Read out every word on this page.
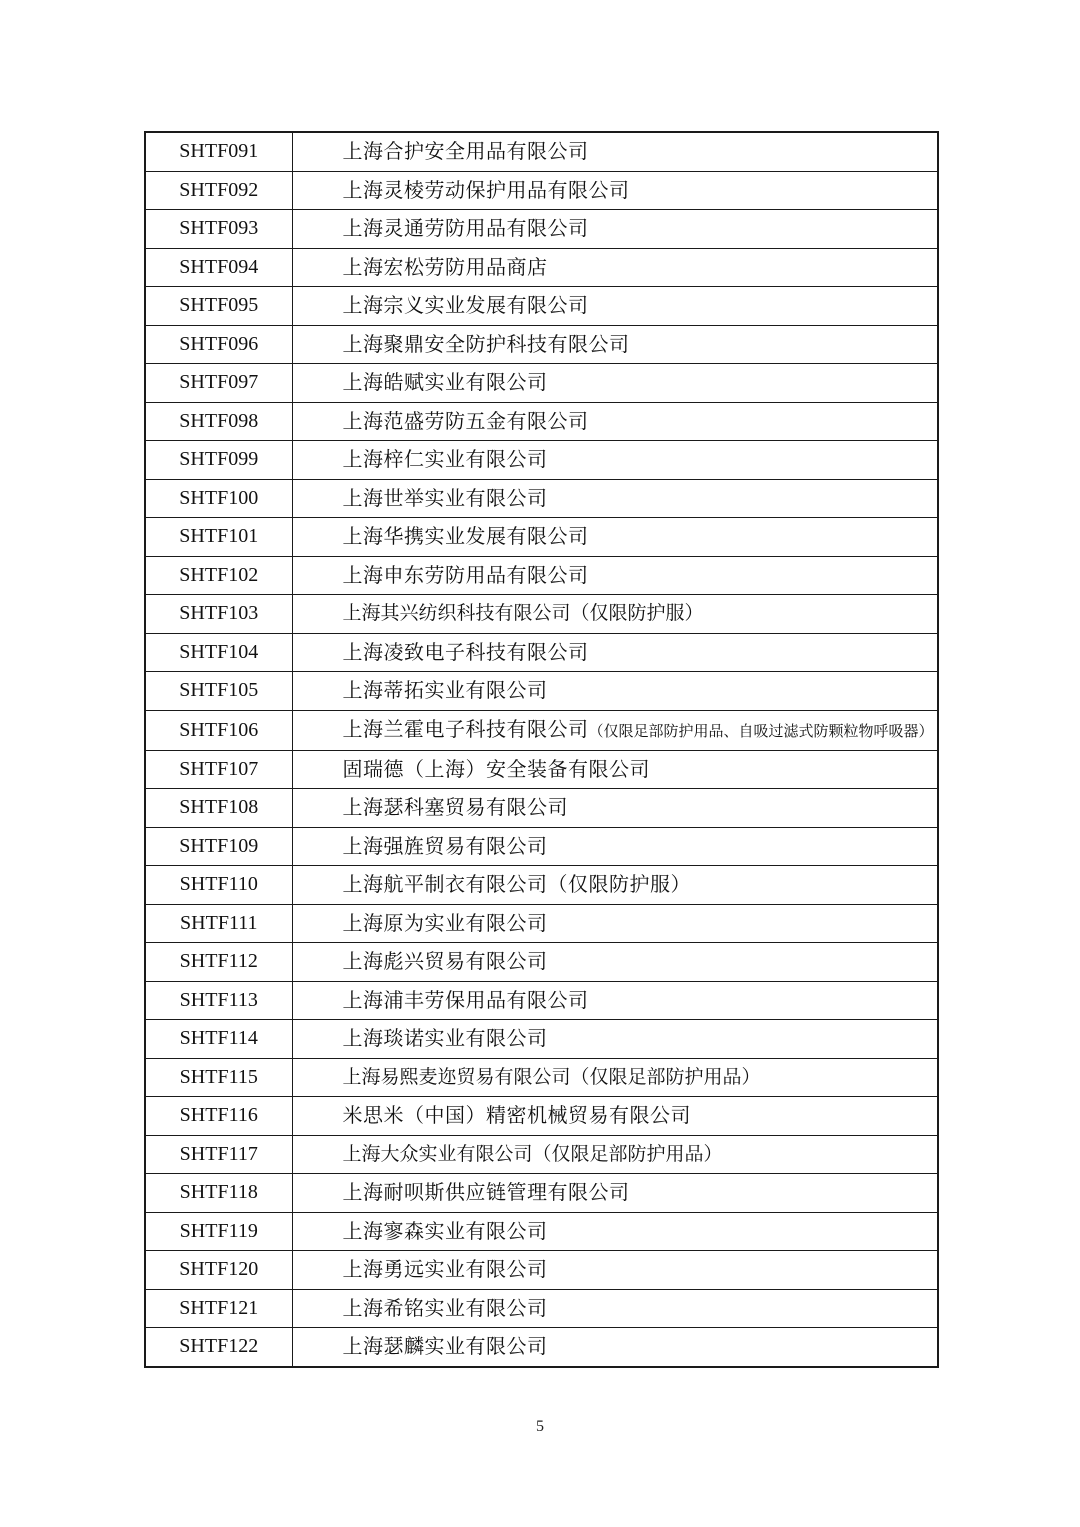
SHTF091	上海合护安全用品有限公司
SHTF092	上海灵棱劳动保护用品有限公司
SHTF093	上海灵通劳防用品有限公司
SHTF094	上海宏松劳防用品商店
SHTF095	上海宗义实业发展有限公司
SHTF096	上海聚鼎安全防护科技有限公司
SHTF097	上海皓赋实业有限公司
SHTF098	上海范盛劳防五金有限公司
SHTF099	上海梓仁实业有限公司
SHTF100	上海世举实业有限公司
SHTF101	上海华携实业发展有限公司
SHTF102	上海申东劳防用品有限公司
SHTF103	上海其兴纺织科技有限公司（仅限防护服）
SHTF104	上海凌致电子科技有限公司
SHTF105	上海蒂拓实业有限公司
SHTF106	上海兰霍电子科技有限公司（仅限足部防护用品、自吸过滤式防颗粒物呼吸器）
SHTF107	固瑞德（上海）安全装备有限公司
SHTF108	上海瑟科塞贸易有限公司
SHTF109	上海强旌贸易有限公司
SHTF110	上海航平制衣有限公司（仅限防护服）
SHTF111	上海原为实业有限公司
SHTF112	上海彪兴贸易有限公司
SHTF113	上海浦丰劳保用品有限公司
SHTF114	上海琰诺实业有限公司
SHTF115	上海易熙麦迩贸易有限公司（仅限足部防护用品）
SHTF116	米思米（中国）精密机械贸易有限公司
SHTF117	上海大众实业有限公司（仅限足部防护用品）
SHTF118	上海耐呗斯供应链管理有限公司
SHTF119	上海寥森实业有限公司
SHTF120	上海勇远实业有限公司
SHTF121	上海希铭实业有限公司
SHTF122	上海瑟麟实业有限公司
5
